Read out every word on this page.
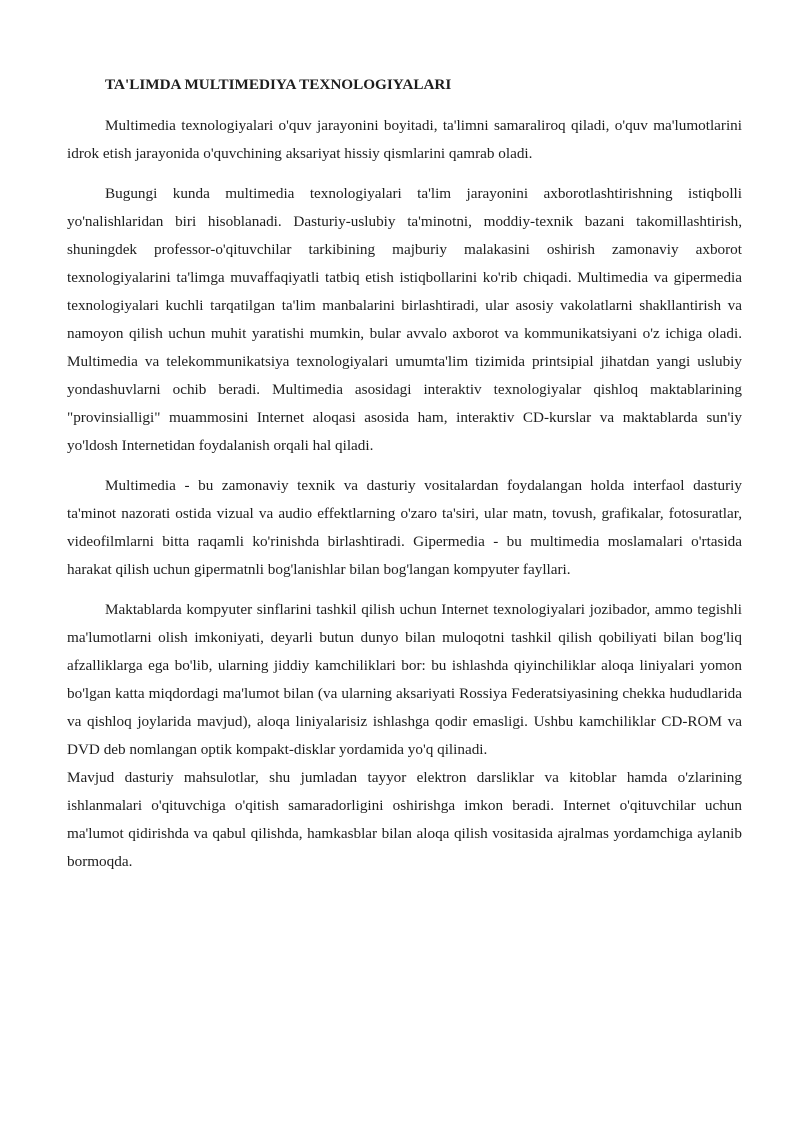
TA'LIMDA MULTIMEDIYA TEXNOLOGIYALARI

Multimedia texnologiyalari o'quv jarayonini boyitadi, ta'limni samaraliroq qiladi, o'quv ma'lumotlarini idrok etish jarayonida o'quvchining aksariyat hissiy qismlarini qamrab oladi.

Bugungi kunda multimedia texnologiyalari ta'lim jarayonini axborotlashtirishning istiqbolli yo'nalishlaridan biri hisoblanadi. Dasturiy-uslubiy ta'minotni, moddiy-texnik bazani takomillashtirish, shuningdek professor-o'qituvchilar tarkibining majburiy malakasini oshirish zamonaviy axborot texnologiyalarini ta'limga muvaffaqiyatli tatbiq etish istiqbollarini ko'rib chiqadi. Multimedia va gipermedia texnologiyalari kuchli tarqatilgan ta'lim manbalarini birlashtiradi, ular asosiy vakolatlarni shakllantirish va namoyon qilish uchun muhit yaratishi mumkin, bular avvalo axborot va kommunikatsiyani o'z ichiga oladi. Multimedia va telekommunikatsiya texnologiyalari umumta'lim tizimida printsipial jihatdan yangi uslubiy yondashuvlarni ochib beradi. Multimedia asosidagi interaktiv texnologiyalar qishloq maktablarining "provinsialligi" muammosini Internet aloqasi asosida ham, interaktiv CD-kurslar va maktablarda sun'iy yo'ldosh Internetidan foydalanish orqali hal qiladi.

Multimedia - bu zamonaviy texnik va dasturiy vositalardan foydalangan holda interfaol dasturiy ta'minot nazorati ostida vizual va audio effektlarning o'zaro ta'siri, ular matn, tovush, grafikalar, fotosuratlar, videofilmlarni bitta raqamli ko'rinishda birlashtiradi. Gipermedia - bu multimedia moslamalari o'rtasida harakat qilish uchun gipermatnli bog'lanishlar bilan bog'langan kompyuter fayllari.

Maktablarda kompyuter sinflarini tashkil qilish uchun Internet texnologiyalari jozibador, ammo tegishli ma'lumotlarni olish imkoniyati, deyarli butun dunyo bilan muloqotni tashkil qilish qobiliyati bilan bog'liq afzalliklarga ega bo'lib, ularning jiddiy kamchiliklari bor: bu ishlashda qiyinchiliklar aloqa liniyalari yomon bo'lgan katta miqdordagi ma'lumot bilan (va ularning aksariyati Rossiya Federatsiyasining chekka hududlarida va qishloq joylarida mavjud), aloqa liniyalarisiz ishlashga qodir emasligi. Ushbu kamchiliklar CD-ROM va DVD deb nomlangan optik kompakt-disklar yordamida yo'q qilinadi.

Mavjud dasturiy mahsulotlar, shu jumladan tayyor elektron darsliklar va kitoblar hamda o'zlarining ishlanmalari o'qituvchiga o'qitish samaradorligini oshirishga imkon beradi. Internet o'qituvchilar uchun ma'lumot qidirishda va qabul qilishda, hamkasblar bilan aloqa qilish vositasida ajralmas yordamchiga aylanib bormoqda.
